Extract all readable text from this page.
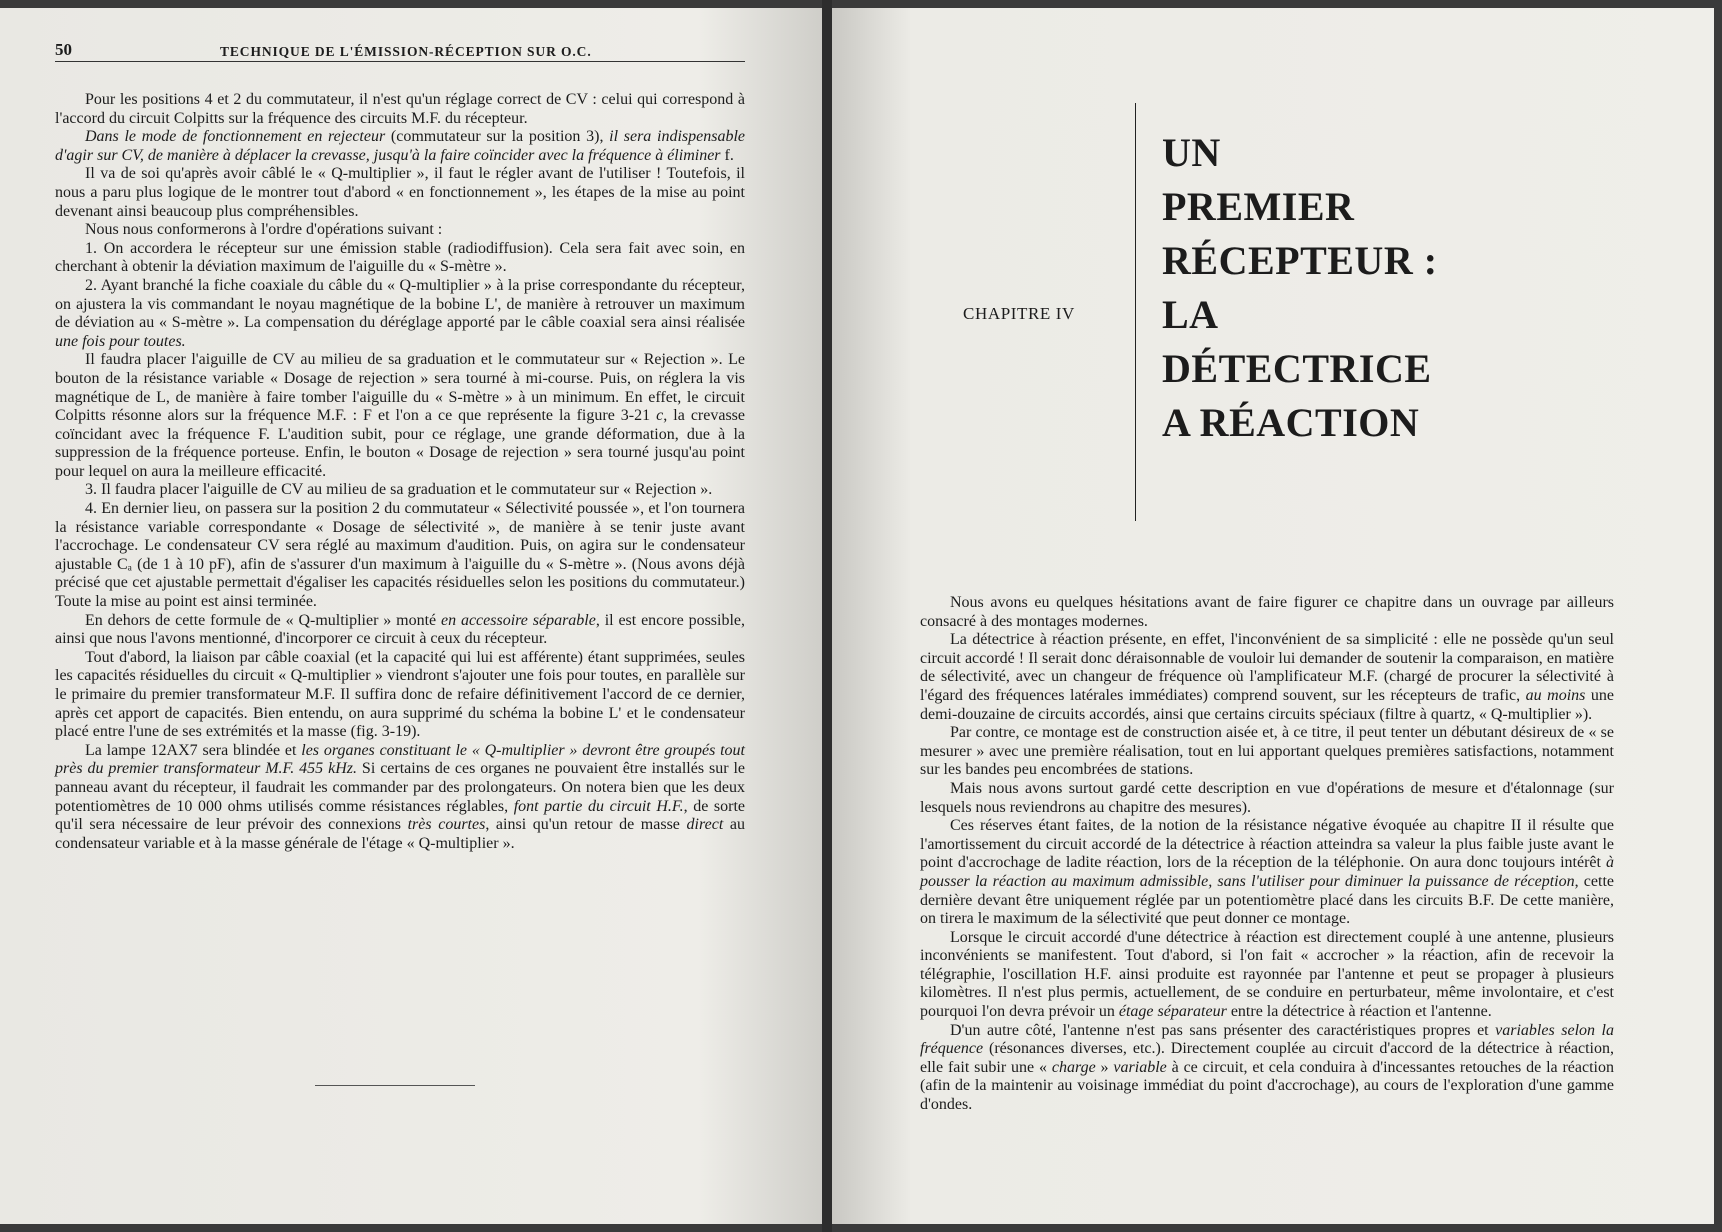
50	TECHNIQUE DE L'ÉMISSION-RÉCEPTION SUR O.C.

Pour les positions 4 et 2 du commutateur, il n'est qu'un réglage correct de CV : celui qui correspond à l'accord du circuit Colpitts sur la fréquence des circuits M.F. du récepteur.

Dans le mode de fonctionnement en rejecteur (commutateur sur la position 3), il sera indispensable d'agir sur CV, de manière à déplacer la crevasse, jusqu'à la faire coïncider avec la fréquence à éliminer f.

Il va de soi qu'après avoir câblé le « Q-multiplier », il faut le régler avant de l'utiliser ! Toutefois, il nous a paru plus logique de le montrer tout d'abord « en fonctionnement », les étapes de la mise au point devenant ainsi beaucoup plus compréhensibles.

Nous nous conformerons à l'ordre d'opérations suivant :

1. On accordera le récepteur sur une émission stable (radiodiffusion). Cela sera fait avec soin, en cherchant à obtenir la déviation maximum de l'aiguille du « S-mètre ».

2. Ayant branché la fiche coaxiale du câble du « Q-multiplier » à la prise correspondante du récepteur, on ajustera la vis commandant le noyau magnétique de la bobine L', de manière à retrouver un maximum de déviation au « S-mètre ». La compensation du déréglage apporté par le câble coaxial sera ainsi réalisée une fois pour toutes.

Il faudra placer l'aiguille de CV au milieu de sa graduation et le commutateur sur « Rejection ». Le bouton de la résistance variable « Dosage de rejection » sera tourné à mi-course. Puis, on réglera la vis magnétique de L, de manière à faire tomber l'aiguille du « S-mètre » à un minimum. En effet, le circuit Colpitts résonne alors sur la fréquence M.F. : F et l'on a ce que représente la figure 3-21 c, la crevasse coïncidant avec la fréquence F. L'audition subit, pour ce réglage, une grande déformation, due à la suppression de la fréquence porteuse. Enfin, le bouton « Dosage de rejection » sera tourné jusqu'au point pour lequel on aura la meilleure efficacité.

3. Il faudra placer l'aiguille de CV au milieu de sa graduation et le commutateur sur « Rejection ».

4. En dernier lieu, on passera sur la position 2 du commutateur « Sélectivité poussée », et l'on tournera la résistance variable correspondante « Dosage de sélectivité », de manière à se tenir juste avant l'accrochage. Le condensateur CV sera réglé au maximum d'audition. Puis, on agira sur le condensateur ajustable Cₐ (de 1 à 10 pF), afin de s'assurer d'un maximum à l'aiguille du « S-mètre ». (Nous avons déjà précisé que cet ajustable permettait d'égaliser les capacités résiduelles selon les positions du commutateur.) Toute la mise au point est ainsi terminée.

En dehors de cette formule de « Q-multiplier » monté en accessoire séparable, il est encore possible, ainsi que nous l'avons mentionné, d'incorporer ce circuit à ceux du récepteur.

Tout d'abord, la liaison par câble coaxial (et la capacité qui lui est afférente) étant supprimées, seules les capacités résiduelles du circuit « Q-multiplier » viendront s'ajouter une fois pour toutes, en parallèle sur le primaire du premier transformateur M.F. Il suffira donc de refaire définitivement l'accord de ce dernier, après cet apport de capacités. Bien entendu, on aura supprimé du schéma la bobine L' et le condensateur placé entre l'une de ses extrémités et la masse (fig. 3-19).

La lampe 12AX7 sera blindée et les organes constituant le « Q-multiplier » devront être groupés tout près du premier transformateur M.F. 455 kHz. Si certains de ces organes ne pouvaient être installés sur le panneau avant du récepteur, il faudrait les commander par des prolongateurs. On notera bien que les deux potentiomètres de 10 000 ohms utilisés comme résistances réglables, font partie du circuit H.F., de sorte qu'il sera nécessaire de leur prévoir des connexions très courtes, ainsi qu'un retour de masse direct au condensateur variable et à la masse générale de l'étage « Q-multiplier ».

CHAPITRE IV
UN
PREMIER
RÉCEPTEUR :
LA
DÉTECTRICE
A RÉACTION

Nous avons eu quelques hésitations avant de faire figurer ce chapitre dans un ouvrage par ailleurs consacré à des montages modernes.

La détectrice à réaction présente, en effet, l'inconvénient de sa simplicité : elle ne possède qu'un seul circuit accordé ! Il serait donc déraisonnable de vouloir lui demander de soutenir la comparaison, en matière de sélectivité, avec un changeur de fréquence où l'amplificateur M.F. (chargé de procurer la sélectivité à l'égard des fréquences latérales immédiates) comprend souvent, sur les récepteurs de trafic, au moins une demi-douzaine de circuits accordés, ainsi que certains circuits spéciaux (filtre à quartz, « Q-multiplier »).

Par contre, ce montage est de construction aisée et, à ce titre, il peut tenter un débutant désireux de « se mesurer » avec une première réalisation, tout en lui apportant quelques premières satisfactions, notamment sur les bandes peu encombrées de stations.

Mais nous avons surtout gardé cette description en vue d'opérations de mesure et d'étalonnage (sur lesquels nous reviendrons au chapitre des mesures).

Ces réserves étant faites, de la notion de la résistance négative évoquée au chapitre II il résulte que l'amortissement du circuit accordé de la détectrice à réaction atteindra sa valeur la plus faible juste avant le point d'accrochage de ladite réaction, lors de la réception de la téléphonie. On aura donc toujours intérêt à pousser la réaction au maximum admissible, sans l'utiliser pour diminuer la puissance de réception, cette dernière devant être uniquement réglée par un potentiomètre placé dans les circuits B.F. De cette manière, on tirera le maximum de la sélectivité que peut donner ce montage.

Lorsque le circuit accordé d'une détectrice à réaction est directement couplé à une antenne, plusieurs inconvénients se manifestent. Tout d'abord, si l'on fait « accrocher » la réaction, afin de recevoir la télégraphie, l'oscillation H.F. ainsi produite est rayonnée par l'antenne et peut se propager à plusieurs kilomètres. Il n'est plus permis, actuellement, de se conduire en perturbateur, même involontaire, et c'est pourquoi l'on devra prévoir un étage séparateur entre la détectrice à réaction et l'antenne.

D'un autre côté, l'antenne n'est pas sans présenter des caractéristiques propres et variables selon la fréquence (résonances diverses, etc.). Directement couplée au circuit d'accord de la détectrice à réaction, elle fait subir une « charge » variable à ce circuit, et cela conduira à d'incessantes retouches de la réaction (afin de la maintenir au voisinage immédiat du point d'accrochage), au cours de l'exploration d'une gamme d'ondes.
